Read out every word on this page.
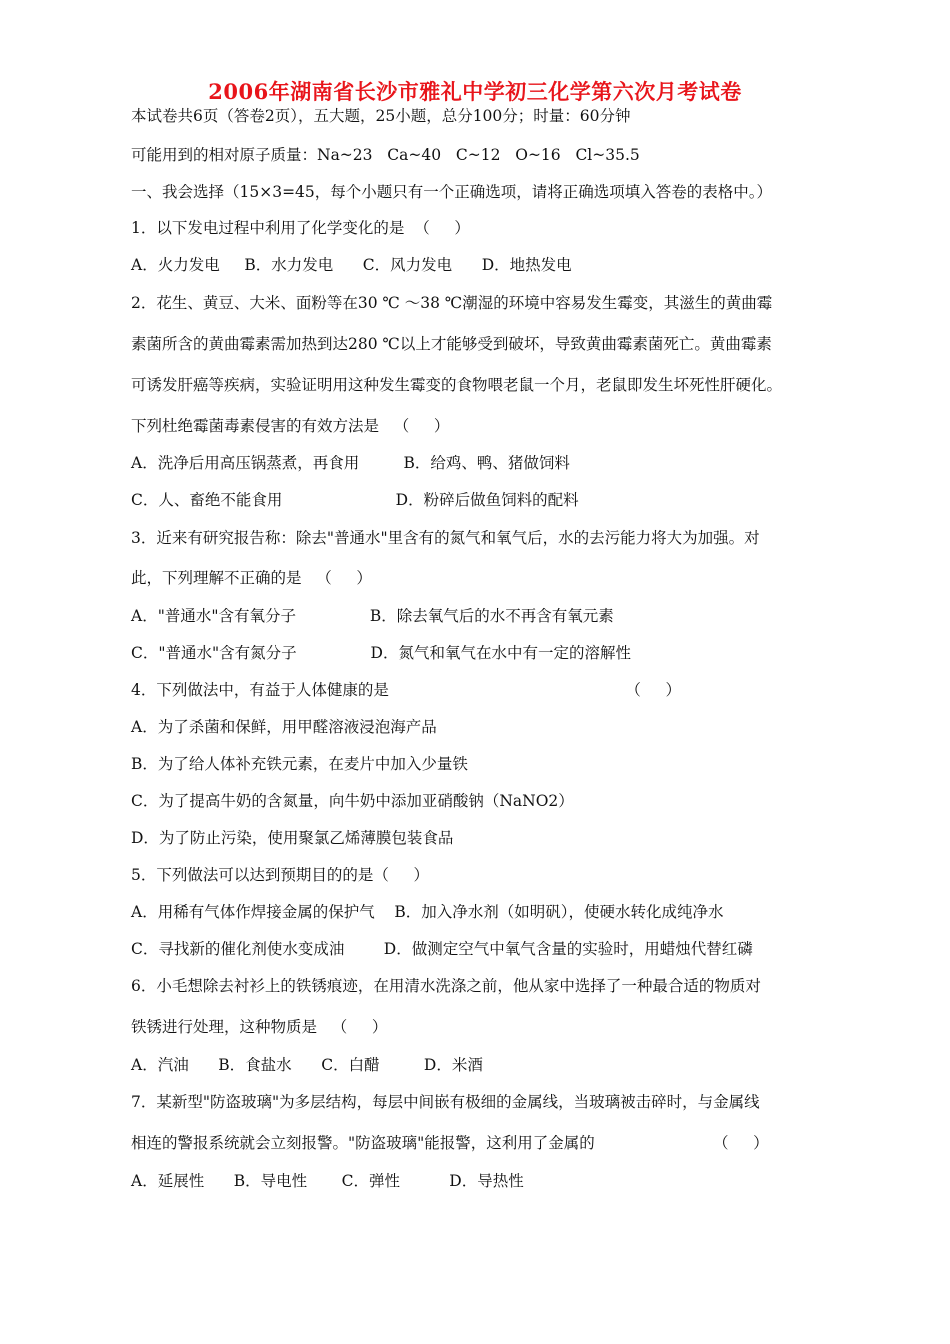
2006年湖南省长沙市雅礼中学初三化学第六次月考试卷
本试卷共6页（答卷2页），五大题，25小题，总分100分；时量：60分钟
可能用到的相对原子质量：Na~23   Ca~40   C~12   O~16   Cl~35.5
一、我会选择（15×3=45，每个小题只有一个正确选项，请将正确选项填入答卷的表格中。）
1．以下发电过程中利用了化学变化的是  （     ）
A．火力发电     B．水力发电      C．风力发电      D．地热发电
2．花生、黄豆、大米、面粉等在30 ℃ ～38 ℃潮湿的环境中容易发生霉变，其滋生的黄曲霉
素菌所含的黄曲霉素需加热到达280 ℃以上才能够受到破坏，导致黄曲霉素菌死亡。黄曲霉素
可诱发肝癌等疾病，实验证明用这种发生霉变的食物喂老鼠一个月，老鼠即发生坏死性肝硬化。
下列杜绝霉菌毒素侵害的有效方法是   （     ）
A．洗净后用高压锅蒸煮，再食用         B．给鸡、鸭、猪做饲料
C．人、畜绝不能食用                       D．粉碎后做鱼饲料的配料
3．近来有研究报告称：除去"普通水"里含有的氮气和氧气后，水的去污能力将大为加强。对
此，下列理解不正确的是   （     ）
A．"普通水"含有氧分子               B．除去氧气后的水不再含有氧元素
C．"普通水"含有氮分子               D．氮气和氧气在水中有一定的溶解性
4．下列做法中，有益于人体健康的是                                                （     ）
A．为了杀菌和保鲜，用甲醛溶液浸泡海产品
B．为了给人体补充铁元素，在麦片中加入少量铁
C．为了提高牛奶的含氮量，向牛奶中添加亚硝酸钠（NaNO2）
D．为了防止污染，使用聚氯乙烯薄膜包装食品
5．下列做法可以达到预期目的的是（     ）
A．用稀有气体作焊接金属的保护气    B．加入净水剂（如明矾），使硬水转化成纯净水
C．寻找新的催化剂使水变成油        D．做测定空气中氧气含量的实验时，用蜡烛代替红磷
6．小毛想除去衬衫上的铁锈痕迹，在用清水洗涤之前，他从家中选择了一种最合适的物质对
铁锈进行处理，这种物质是   （     ）
A．汽油      B．食盐水      C．白醋         D．米酒
7．某新型"防盗玻璃"为多层结构，每层中间嵌有极细的金属线，当玻璃被击碎时，与金属线
相连的警报系统就会立刻报警。"防盗玻璃"能报警，这利用了金属的                        （     ）
A．延展性      B．导电性       C．弹性          D．导热性
